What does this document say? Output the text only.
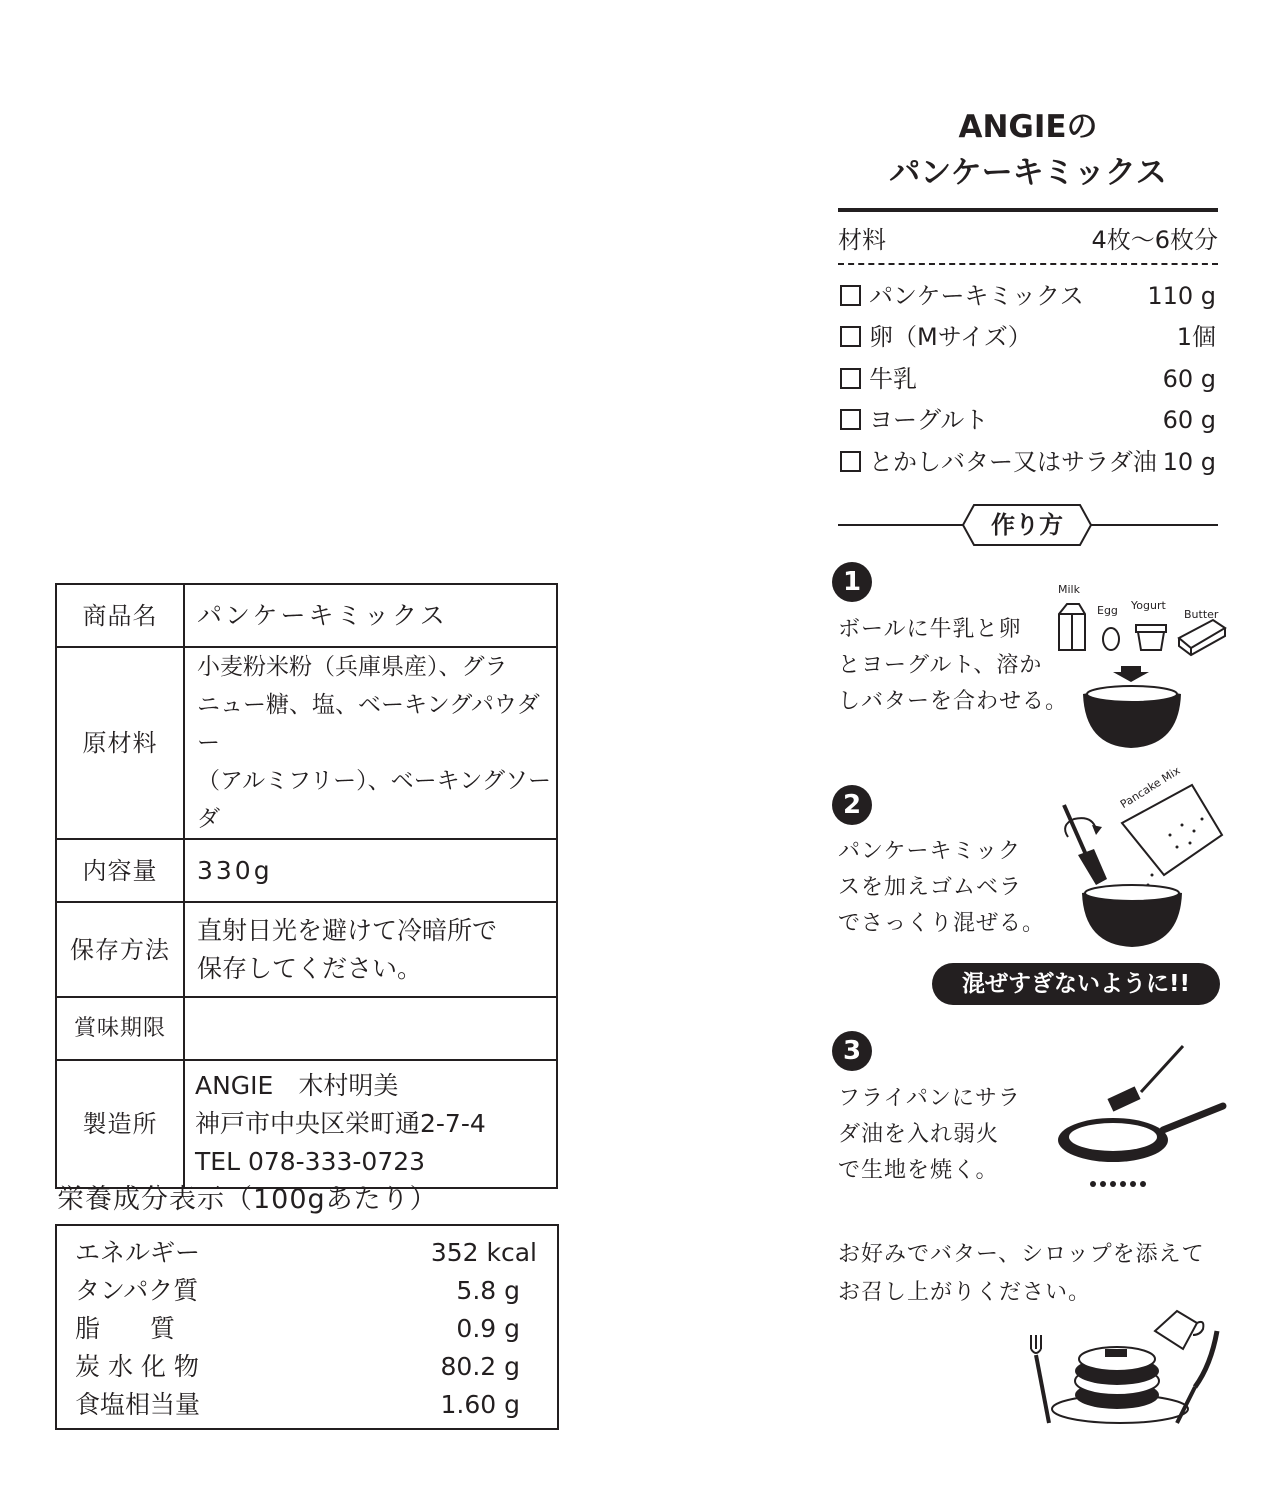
商品名	パンケーキミックス
原材料	小麦粉米粉（兵庫県産）、グラ
ニュー糖、塩、ベーキングパウダー
（アルミフリー）、ベーキングソーダ

内容量	330g
保存方法	直射日光を避けて冷暗所で
保存してください。

賞味期限	
製造所	ANGIE　木村明美
神戸市中央区栄町通2-7-4
TEL 078-333-0723
栄養成分表示（100gあたり）
エネルギー	352 kcal
タンパク質	5.8 g
脂　　質	0.9 g
炭 水 化 物	80.2 g
食塩相当量	1.60 g
ANGIEの
パンケーキミックス
材料	4枚〜6枚分
パンケーキミックス	110 g
卵（Mサイズ）	1個
牛乳	60 g
ヨーグルト	60 g
とかしバター又はサラダ油 10 g
作り方
1
ボールに牛乳と卵
とヨーグルト、溶か
しバターを合わせる。
Milk
Egg Yogurt
Butter
2
パンケーキミック
スを加えゴムベラ
でさっくり混ぜる。
Pancake Mix
混ぜすぎないように!!
3
フライパンにサラ
ダ油を入れ弱火
で生地を焼く。
お好みでバター、シロップを添えて
お召し上がりください。
